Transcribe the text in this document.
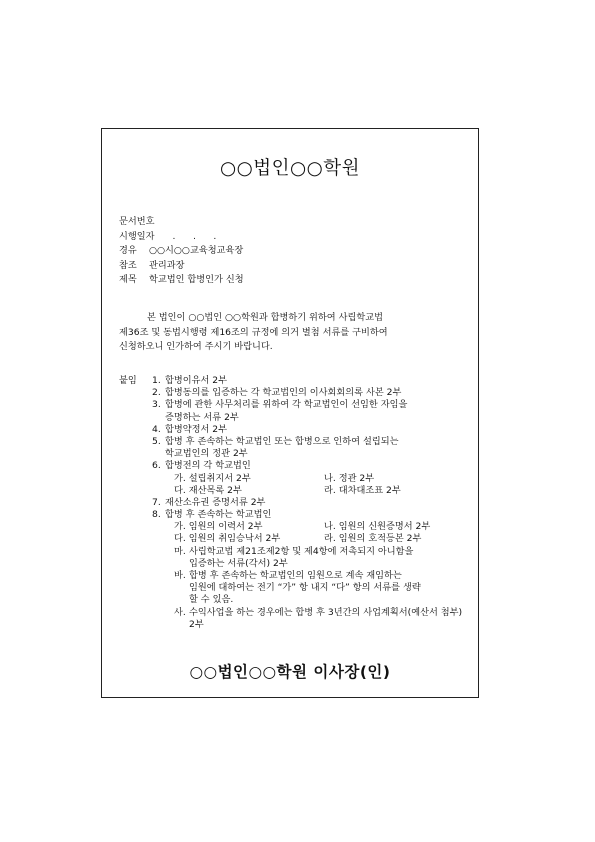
○○법인○○학원
문서번호
시행일자	.      .      .
경유	○○시○○교육청교육장
참조	관리과장
제목	학교법인 합병인가 신청
본 법인이 ○○법인 ○○학원과 합병하기 위하여 사립학교법
제36조 및 동법시행령 제16조의 규정에 의거 별첨 서류를 구비하여
신청하오니 인가하여 주시기 바랍니다.
붙임 1. 합병이유서 2부
2. 합병동의를 입증하는 각 학교법인의 이사회회의록 사본 2부
3. 합병에 관한 사무처리를 위하여 각 학교법인이 선임한 자임을
증명하는 서류 2부
4. 합병약정서 2부
5. 합병 후 존속하는 학교법인 또는 합병으로 인하여 설립되는
학교법인의 정관 2부
6. 합병전의 각 학교법인
가. 설립취지서 2부	나. 정관 2부
다. 재산목록 2부	라. 대차대조표 2부
7. 재산소유권 증명서류 2부
8. 합병 후 존속하는 학교법인
가. 임원의 이력서 2부	나. 임원의 신원증명서 2부
다. 임원의 취임승낙서 2부	라. 임원의 호적등본 2부
마. 사립학교법 제21조제2항 및 제4항에 저촉되지 아니함을
입증하는 서류(각서) 2부
바. 합병 후 존속하는 학교법인의 임원으로 계속 재임하는
임원에 대하여는 전기 “가” 항 내지 “다” 항의 서류를 생략
할 수 있음.
사. 수익사업을 하는 경우에는 합병 후 3년간의 사업계획서(예산서 첨부)
2부
○○법인○○학원 이사장(인)
